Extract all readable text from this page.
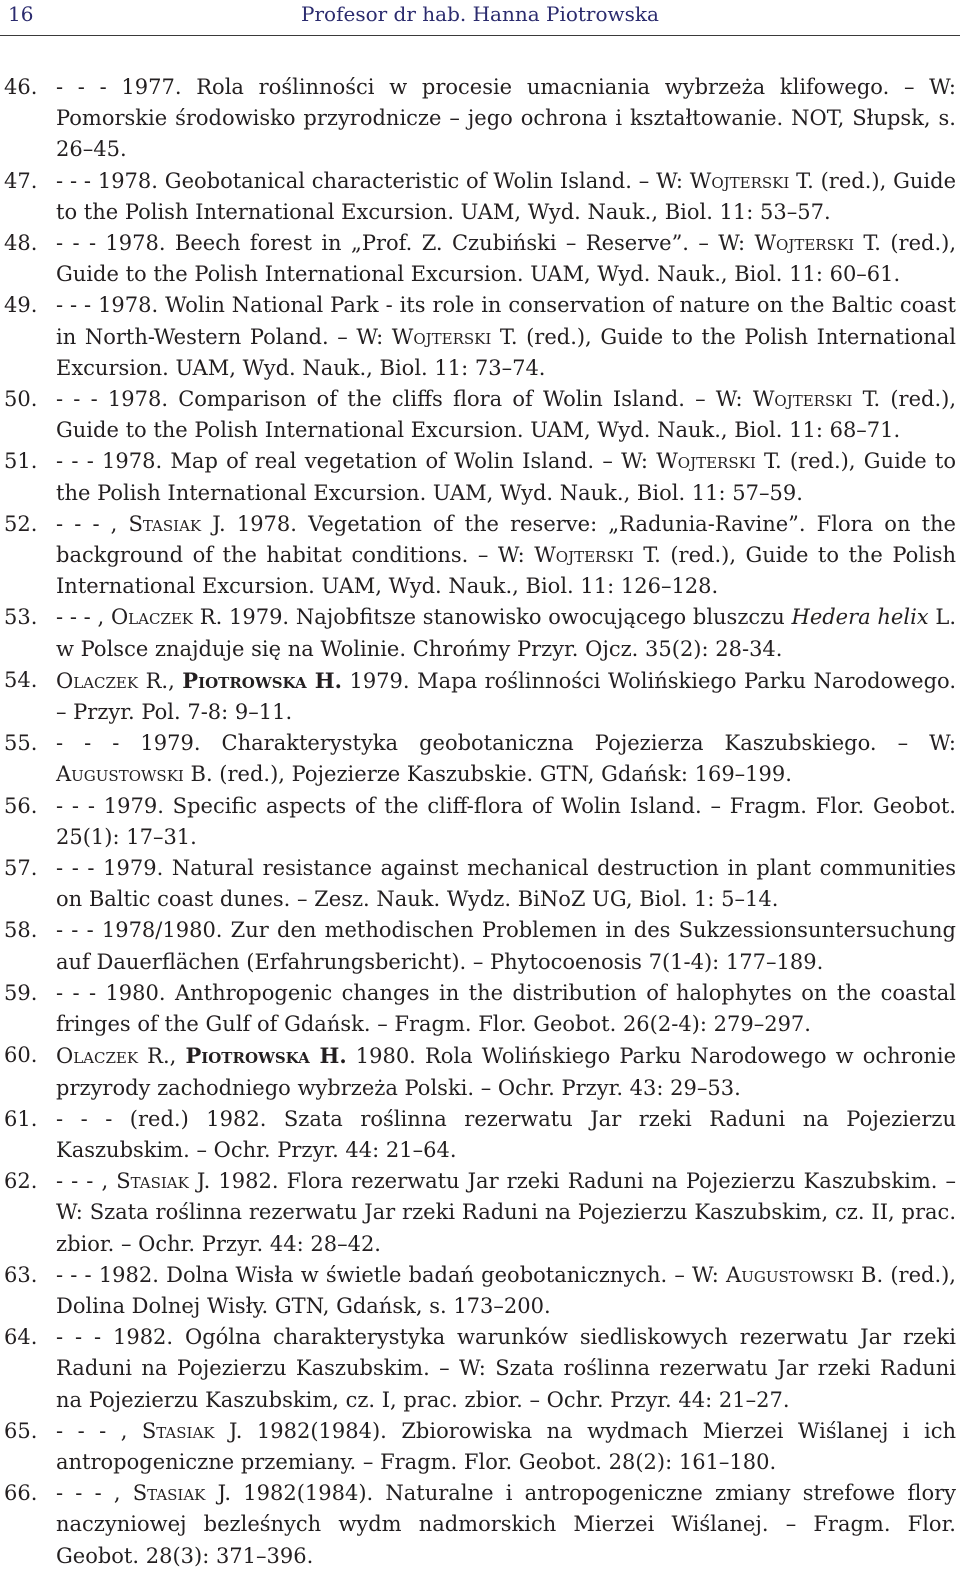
16	Profesor dr hab. Hanna Piotrowska
46. - - - 1977. Rola roślinności w procesie umacniania wybrzeża klifowego. – W: Pomorskie środowisko przyrodnicze – jego ochrona i kształtowanie. NOT, Słupsk, s. 26–45.
47. - - - 1978. Geobotanical characteristic of Wolin Island. – W: Wojterski T. (red.), Guide to the Polish International Excursion. UAM, Wyd. Nauk., Biol. 11: 53–57.
48. - - - 1978. Beech forest in „Prof. Z. Czubiński – Reserve”. – W: Wojterski T. (red.), Guide to the Polish International Excursion. UAM, Wyd. Nauk., Biol. 11: 60–61.
49. - - - 1978. Wolin National Park - its role in conservation of nature on the Baltic coast in North-Western Poland. – W: Wojterski T. (red.), Guide to the Polish International Excursion. UAM, Wyd. Nauk., Biol. 11: 73–74.
50. - - - 1978. Comparison of the cliffs flora of Wolin Island. – W: Wojterski T. (red.), Guide to the Polish International Excursion. UAM, Wyd. Nauk., Biol. 11: 68–71.
51. - - - 1978. Map of real vegetation of Wolin Island. – W: Wojterski T. (red.), Guide to the Polish International Excursion. UAM, Wyd. Nauk., Biol. 11: 57–59.
52. - - - , Stasiak J. 1978. Vegetation of the reserve: „Radunia-Ravine”. Flora on the background of the habitat conditions. – W: Wojterski T. (red.), Guide to the Polish International Excursion. UAM, Wyd. Nauk., Biol. 11: 126–128.
53. - - - , Olaczek R. 1979. Najobfitsze stanowisko owocującego bluszczu Hedera helix L. w Polsce znajduje się na Wolinie. Chrońmy Przyr. Ojcz. 35(2): 28-34.
54. Olaczek R., Piotrowska H. 1979. Mapa roślinności Wolińskiego Parku Narodowego. – Przyr. Pol. 7-8: 9–11.
55. - - - 1979. Charakterystyka geobotaniczna Pojezierza Kaszubskiego. – W: Augustowski B. (red.), Pojezierze Kaszubskie. GTN, Gdańsk: 169–199.
56. - - - 1979. Specific aspects of the cliff-flora of Wolin Island. – Fragm. Flor. Geobot. 25(1): 17–31.
57. - - - 1979. Natural resistance against mechanical destruction in plant communities on Baltic coast dunes. – Zesz. Nauk. Wydz. BiNoZ UG, Biol. 1: 5–14.
58. - - - 1978/1980. Zur den methodischen Problemen in des Sukzessionsuntersuchung auf Dauerflächen (Erfahrungsbericht). – Phytocoenosis 7(1-4): 177–189.
59. - - - 1980. Anthropogenic changes in the distribution of halophytes on the coastal fringes of the Gulf of Gdańsk. – Fragm. Flor. Geobot. 26(2-4): 279–297.
60. Olaczek R., Piotrowska H. 1980. Rola Wolińskiego Parku Narodowego w ochronie przyrody zachodniego wybrzeża Polski. – Ochr. Przyr. 43: 29–53.
61. - - - (red.) 1982. Szata roślinna rezerwatu Jar rzeki Raduni na Pojezierzu Kaszubskim. – Ochr. Przyr. 44: 21–64.
62. - - - , Stasiak J. 1982. Flora rezerwatu Jar rzeki Raduni na Pojezierzu Kaszubskim. – W: Szata roślinna rezerwatu Jar rzeki Raduni na Pojezierzu Kaszubskim, cz. II, prac. zbior. – Ochr. Przyr. 44: 28–42.
63. - - - 1982. Dolna Wisła w świetle badań geobotanicznych. – W: Augustowski B. (red.), Dolina Dolnej Wisły. GTN, Gdańsk, s. 173–200.
64. - - - 1982. Ogólna charakterystyka warunków siedliskowych rezerwatu Jar rzeki Raduni na Pojezierzu Kaszubskim. – W: Szata roślinna rezerwatu Jar rzeki Raduni na Pojezierzu Kaszubskim, cz. I, prac. zbior. – Ochr. Przyr. 44: 21–27.
65. - - - , Stasiak J. 1982(1984). Zbiorowiska na wydmach Mierzei Wiślanej i ich antropogeniczne przemiany. – Fragm. Flor. Geobot. 28(2): 161–180.
66. - - - , Stasiak J. 1982(1984). Naturalne i antropogeniczne zmiany strefowe flory naczyniowej bezleśnych wydm nadmorskich Mierzei Wiślanej. – Fragm. Flor. Geobot. 28(3): 371–396.
